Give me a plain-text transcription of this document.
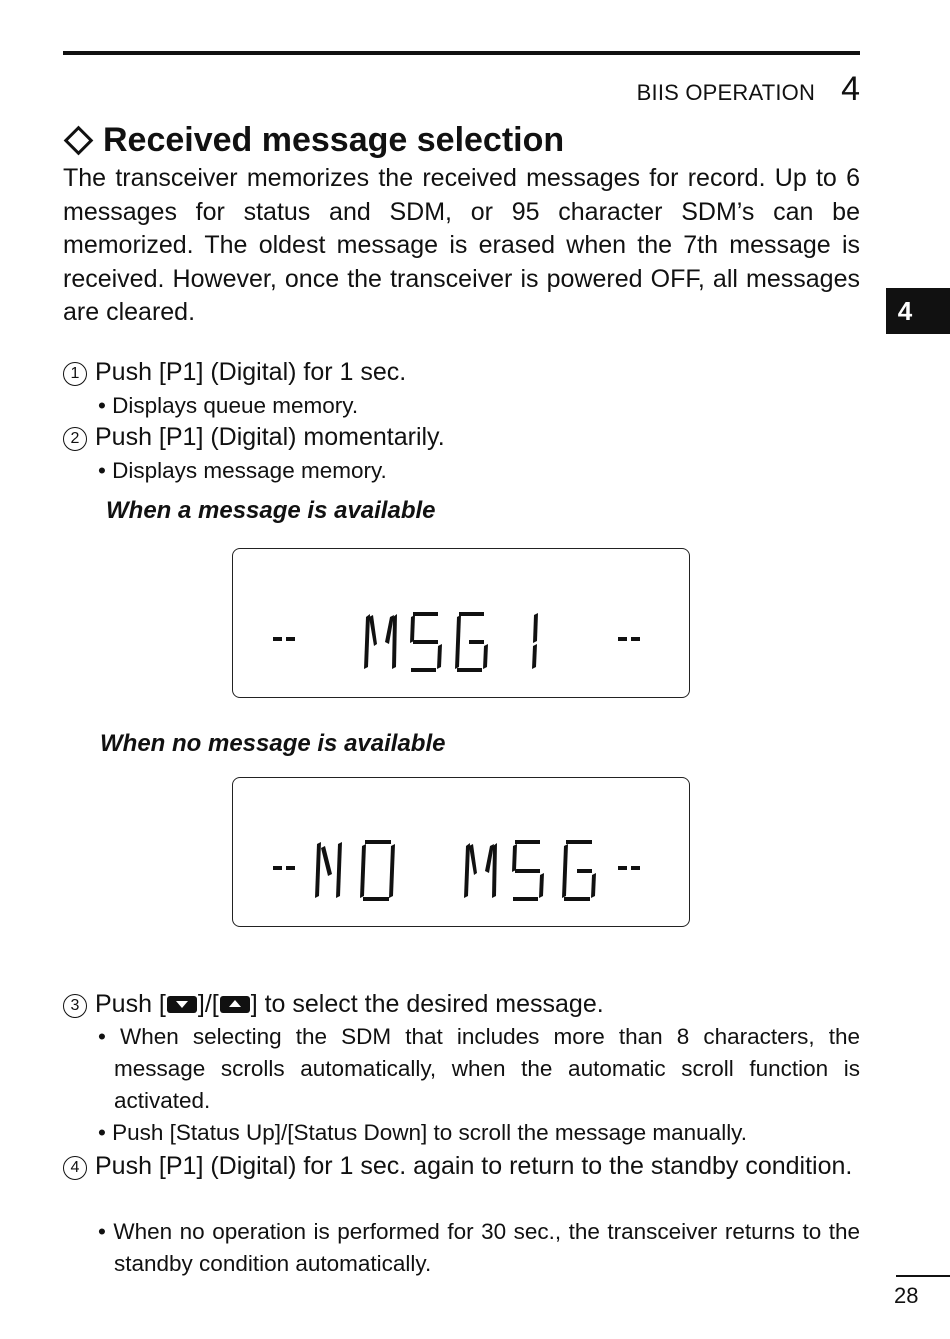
BIIS OPERATION 4
4
Received message selection

The transceiver memorizes the received messages for record. Up to 6 messages for status and SDM, or 95 character SDM’s can be memorized. The oldest message is erased when the 7th message is received. However, once the transceiver is powered OFF, all messages are cleared.

1 Push [P1] (Digital) for 1 sec.
• Displays queue memory.
2 Push [P1] (Digital) momentarily.
• Displays message memory.
When a message is available
When no message is available
3 Push [ ]/[ ] to select the desired message.
• When selecting the SDM that includes more than 8 characters, the message scrolls automatically, when the automatic scroll function is activated.
• Push [Status Up]/[Status Down] to scroll the message manually.
4 Push [P1] (Digital) for 1 sec. again to return to the standby condition.
• When no operation is performed for 30 sec., the transceiver returns to the standby condition automatically.
28
